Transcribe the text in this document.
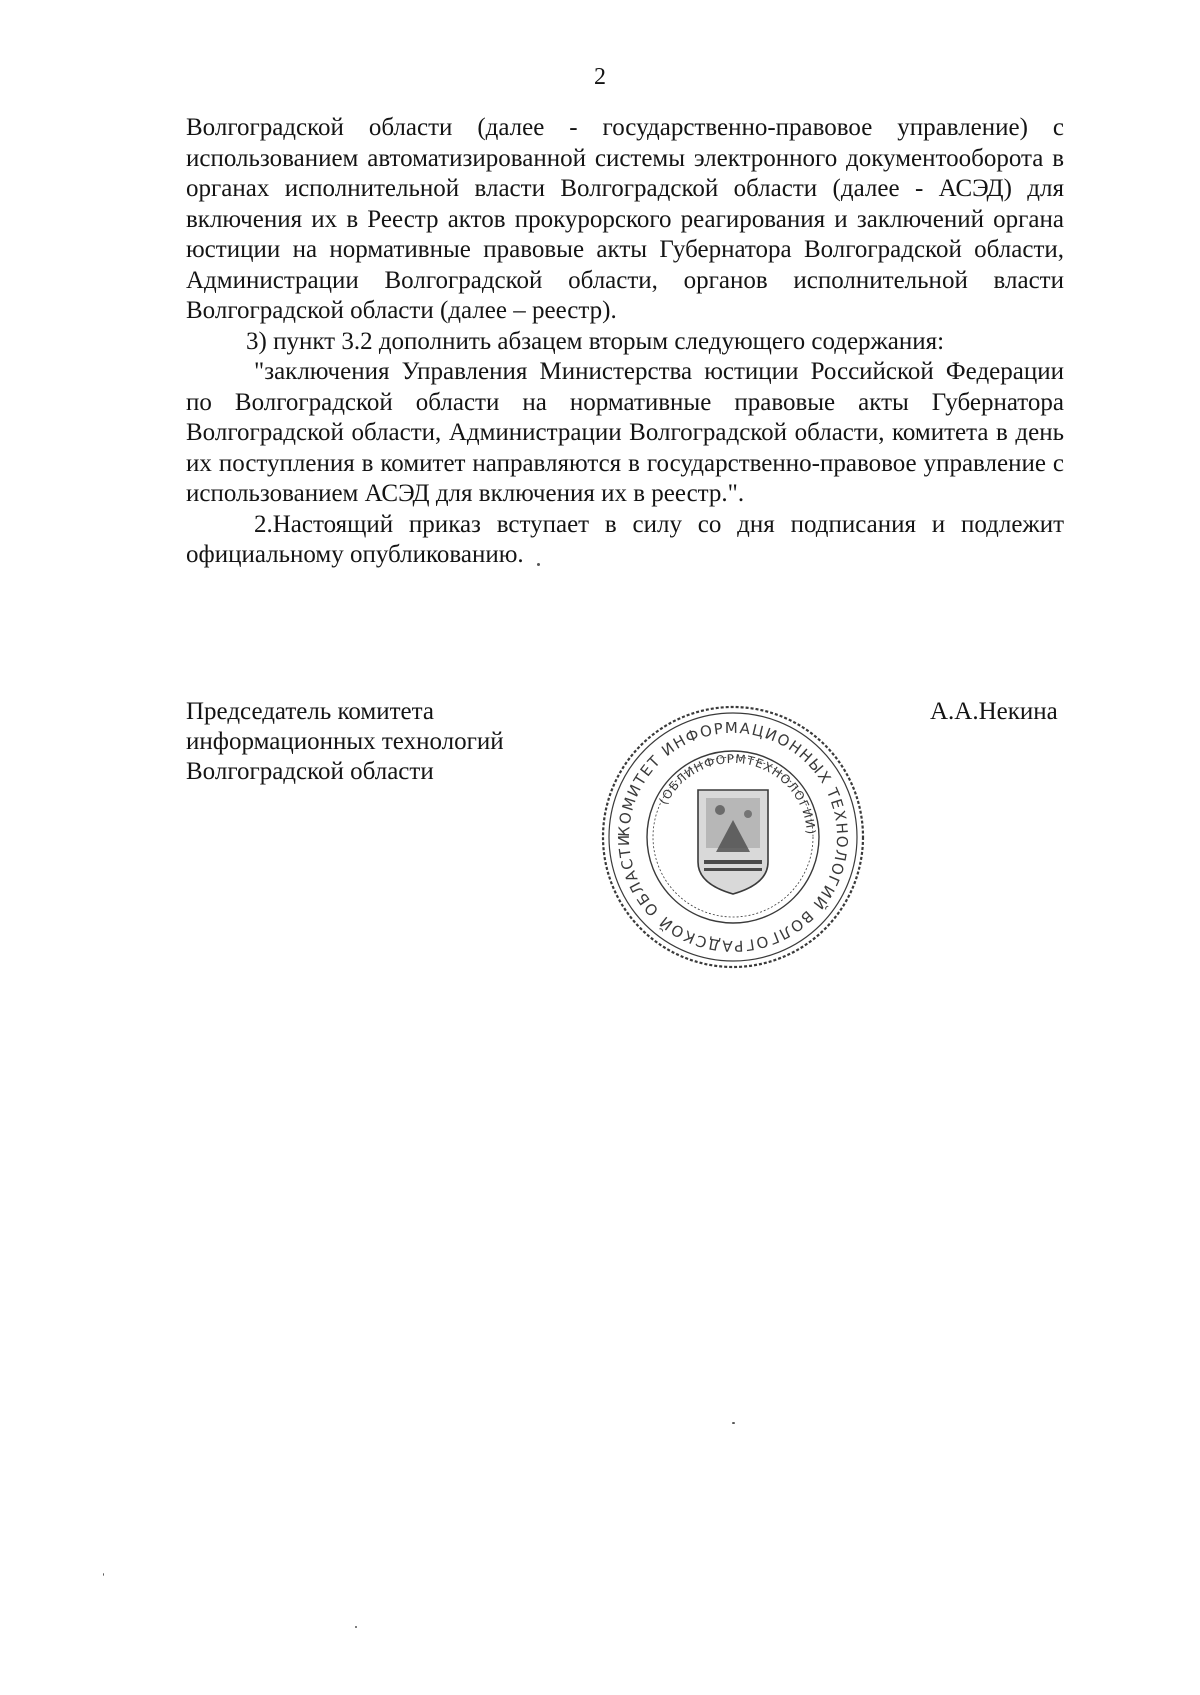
2

Волгоградской области (далее - государственно-правовое управление) с использованием автоматизированной системы электронного документооборота в органах исполнительной власти Волгоградской области (далее - АСЭД) для включения их в Реестр актов прокурорского реагирования и заключений органа юстиции на нормативные правовые акты Губернатора Волгоградской области, Администрации Волгоградской области, органов исполнительной власти Волгоградской области (далее – реестр).

3) пункт 3.2 дополнить абзацем вторым следующего содержания:

"заключения Управления Министерства юстиции Российской Федерации по Волгоградской области на нормативные правовые акты Губернатора Волгоградской области, Администрации Волгоградской области, комитета в день их поступления в комитет направляются в государственно-правовое управление с использованием АСЭД для включения их в реестр.".

2.Настоящий приказ вступает в силу со дня подписания и подлежит официальному опубликованию.

Председатель комитета
информационных технологий
Волгоградской области
А.А.Некина
КОМИТЕТ ИНФОРМАЦИОННЫХ ТЕХНОЛОГИЙ ВОЛГОГРАДСКОЙ ОБЛАСТИ
(ОБЛИНФОРМТЕХНОЛОГИИ)
